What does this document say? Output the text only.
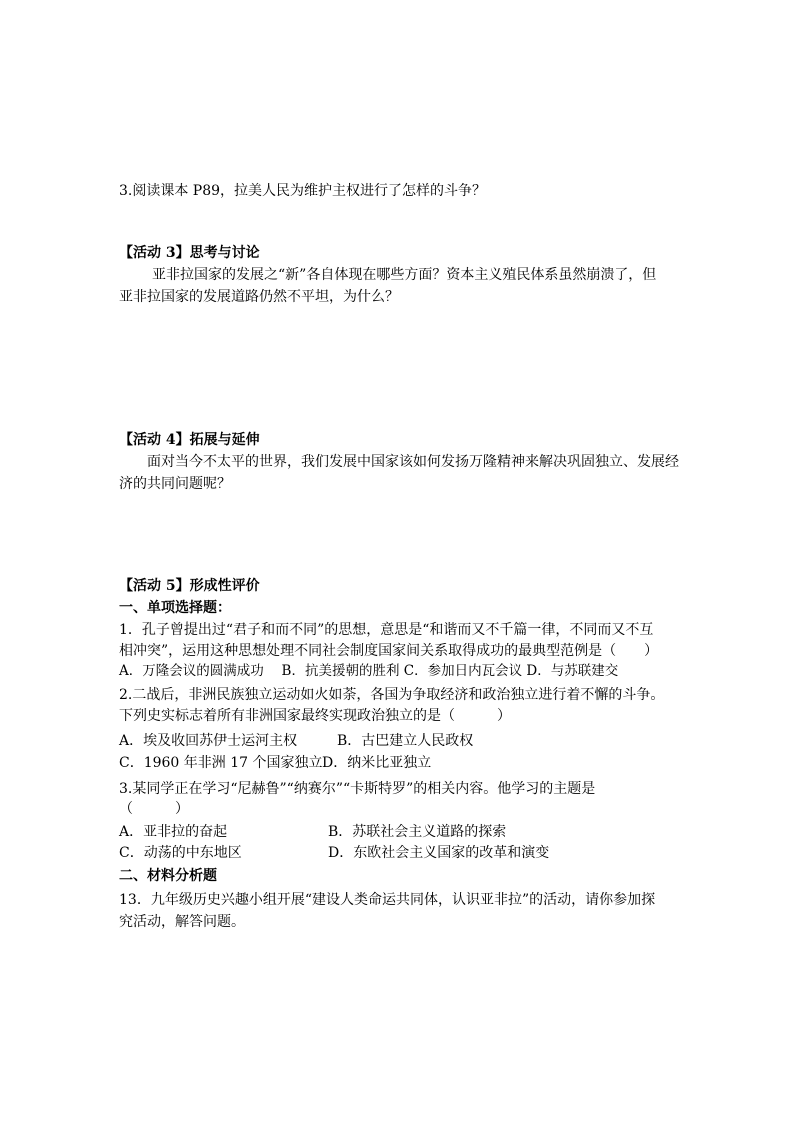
3.阅读课本 P89，拉美人民为维护主权进行了怎样的斗争？

【活动 3】思考与讨论

亚非拉国家的发展之“新”各自体现在哪些方面？资本主义殖民体系虽然崩溃了，但

亚非拉国家的发展道路仍然不平坦，为什么？

【活动 4】拓展与延伸

面对当今不太平的世界，我们发展中国家该如何发扬万隆精神来解决巩固独立、发展经

济的共同问题呢？

【活动 5】形成性评价

一、单项选择题：

1．孔子曾提出过“君子和而不同”的思想，意思是“和谐而又不千篇一律，不同而又不互

相冲突”，运用这种思想处理不同社会制度国家间关系取得成功的最典型范例是（　　）

A．万隆会议的圆满成功　 B．抗美援朝的胜利 C．参加日内瓦会议 D．与苏联建交

2.二战后，非洲民族独立运动如火如荼，各国为争取经济和政治独立进行着不懈的斗争。

下列史实标志着所有非洲国家最终实现政治独立的是（　　　）

A．埃及收回苏伊士运河主权	B．古巴建立人民政权
C．1960 年非洲 17 个国家独立 D．纳米比亚独立

3.某同学正在学习“尼赫鲁”“纳赛尔”“卡斯特罗”的相关内容。他学习的主题是

（　　　）

A．亚非拉的奋起	B．苏联社会主义道路的探索
C．动荡的中东地区	D．东欧社会主义国家的改革和演变

二、材料分析题

13．九年级历史兴趣小组开展“建设人类命运共同体，认识亚非拉”的活动，请你参加探

究活动，解答问题。
